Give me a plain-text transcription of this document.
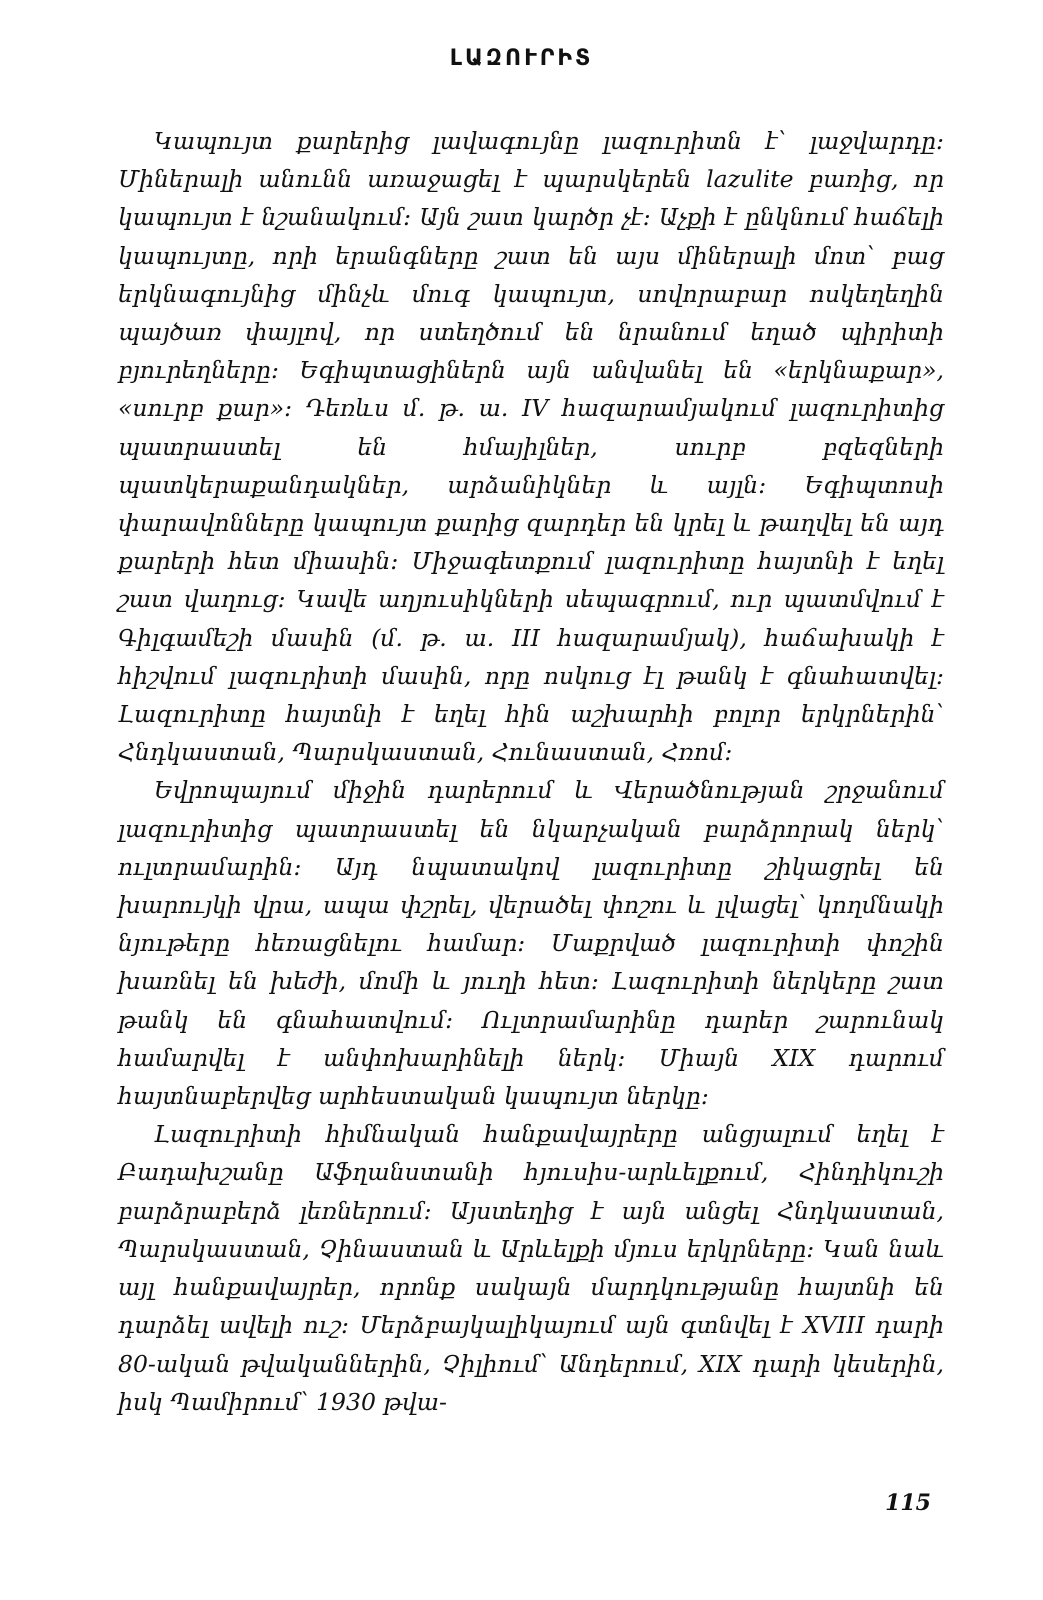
ԼԱԶՈՒՐԻՏ

Կապույտ քարերից լավագույնը լազուրիտն է՝ լաջվարդը։ Միներալի անունն առաջացել է պարսկերեն lazulite բառից, որ կապույտ է նշանակում։ Այն շատ կարծր չէ։ Աչքի է ընկնում հաճելի կապույտը, որի երանգները շատ են այս միներալի մոտ՝ բաց երկնագույնից մինչև մուգ կապույտ, սովորաբար ոսկեղեղին պայծառ փայլով, որ ստեղծում են նրանում եղած պիրիտի բյուրեղները։ Եգիպտացիներն այն անվանել են «երկնաքար», «սուրբ քար»։ Դեռևս մ. թ. ա. IV հազարամյակում լազուրիտից պատրաստել են հմայիլներ, սուրբ բզեզների պատկերաքանդակներ, արձանիկներ և այլն։ Եգիպտոսի փարավոնները կապույտ քարից զարդեր են կրել և թաղվել են այդ քարերի հետ միասին։ Միջագետքում լազուրիտը հայտնի է եղել շատ վաղուց։ Կավե աղյուսիկների սեպագրում, ուր պատմվում է Գիլգամեշի մասին (մ. թ. ա. III հազարամյակ), հաճախակի է հիշվում լազուրիտի մասին, որը ոսկուց էլ թանկ է գնահատվել։ Լազուրիտը հայտնի է եղել հին աշխարհի բոլոր երկրներին՝ Հնդկաստան, Պարսկաստան, Հունաստան, Հռոմ։

Եվրոպայում միջին դարերում և Վերածնության շրջանում լազուրիտից պատրաստել են նկարչական բարձրորակ ներկ՝ ուլտրամարին։ Այդ նպատակով լազուրիտը շիկացրել են խարույկի վրա, ապա փշրել, վերածել փոշու և լվացել՝ կողմնակի նյութերը հեռացնելու համար։ Մաքրված լազուրիտի փոշին խառնել են խեժի, մոմի և յուղի հետ։ Լազուրիտի ներկերը շատ թանկ են գնահատվում։ Ուլտրամարինը դարեր շարունակ համարվել է անփոխարինելի ներկ։ Միայն XIX դարում հայտնաբերվեց արհեստական կապույտ ներկը։

Լազուրիտի հիմնական հանքավայրերը անցյալում եղել է Բադախշանը Աֆղանստանի հյուսիս-արևելքում, Հինդիկուշի բարձրաբերձ լեռներում։ Այստեղից է այն անցել Հնդկաստան, Պարսկաստան, Չինաստան և Արևելքի մյուս երկրները։ Կան նաև այլ հանքավայրեր, որոնք սակայն մարդկությանը հայտնի են դարձել ավելի ուշ։ Մերձբայկալիկայում այն գտնվել է XVIII դարի 80-ական թվականներին, Չիլիում՝ Անդերում, XIX դարի կեսերին, իսկ Պամիրում՝ 1930 թվա-

115
